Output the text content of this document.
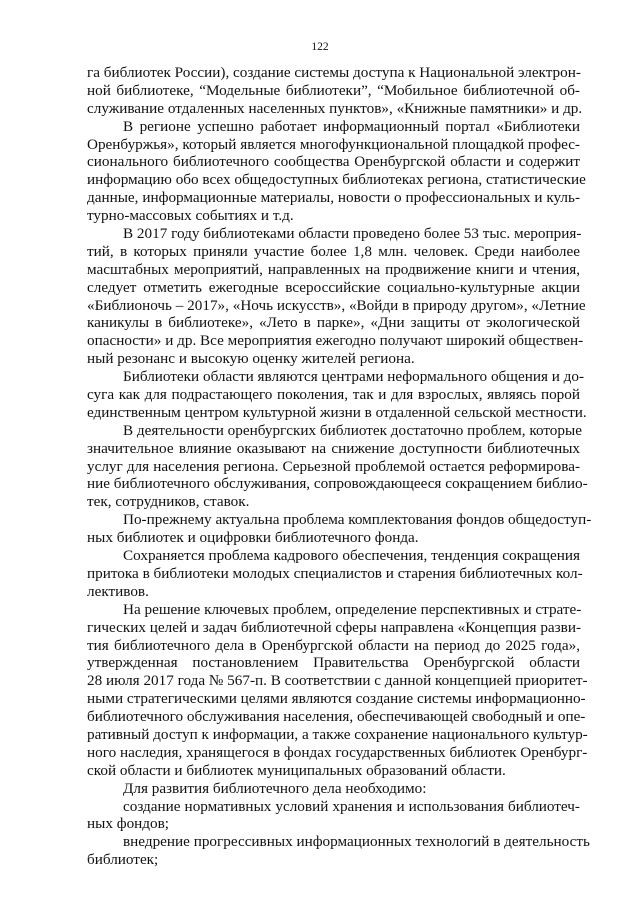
122
га библиотек России), создание системы доступа к Национальной электрон-
ной библиотеке, “Модельные библиотеки”, “Мобильное библиотечной об-
служивание отдаленных населенных пунктов», «Книжные памятники» и др.
В регионе успешно работает информационный портал «Библиотеки
Оренбуржья», который является многофункциональной площадкой профес-
сионального библиотечного сообщества Оренбургской области и содержит
информацию обо всех общедоступных библиотеках региона, статистические
данные, информационные материалы, новости о профессиональных и куль-
турно-массовых событиях и т.д.
В 2017 году библиотеками области проведено более 53 тыс. мероприя-
тий, в которых приняли участие более 1,8 млн. человек. Среди наиболее
масштабных мероприятий, направленных на продвижение книги и чтения,
следует отметить ежегодные всероссийские социально-культурные акции
«Библионочь – 2017», «Ночь искусств», «Войди в природу другом», «Летние
каникулы в библиотеке», «Лето в парке», «Дни защиты от экологической
опасности» и др. Все мероприятия ежегодно получают широкий обществен-
ный резонанс и высокую оценку жителей региона.
Библиотеки области являются центрами неформального общения и до-
суга как для подрастающего поколения, так и для взрослых, являясь порой
единственным центром культурной жизни в отдаленной сельской местности.
В деятельности оренбургских библиотек достаточно проблем, которые
значительное влияние оказывают на снижение доступности библиотечных
услуг для населения региона. Серьезной проблемой остается реформирова-
ние библиотечного обслуживания, сопровождающееся сокращением библио-
тек, сотрудников, ставок.
По-прежнему актуальна проблема комплектования фондов общедоступ-
ных библиотек и оцифровки библиотечного фонда.
Сохраняется проблема кадрового обеспечения, тенденция сокращения
притока в библиотеки молодых специалистов и старения библиотечных кол-
лективов.
На решение ключевых проблем, определение перспективных и страте-
гических целей и задач библиотечной сферы направлена «Концепция разви-
тия библиотечного дела в Оренбургской области на период до 2025 года»,
утвержденная постановлением Правительства Оренбургской области
28 июля 2017 года № 567-п. В соответствии с данной концепцией приоритет-
ными стратегическими целями являются создание системы информационно-
библиотечного обслуживания населения, обеспечивающей свободный и опе-
ративный доступ к информации, а также сохранение национального культур-
ного наследия, хранящегося в фондах государственных библиотек Оренбург-
ской области и библиотек муниципальных образований области.
Для развития библиотечного дела необходимо:
создание нормативных условий хранения и использования библиотеч-
ных фондов;
внедрение прогрессивных информационных технологий в деятельность
библиотек;
